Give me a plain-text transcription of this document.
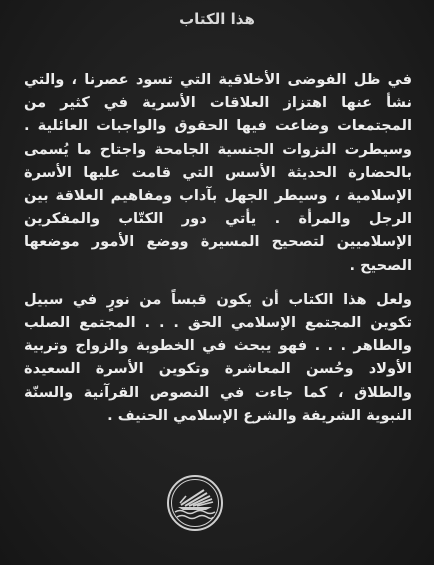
هذا الكتاب

في ظل الفوضى الأخلاقية التي تسود عصرنا ، والتي نشأ عنها اهتزاز العلاقات الأسرية في كثير من المجتمعات وضاعت فيها الحقوق والواجبات العائلية . وسيطرت النزوات الجنسية الجامحة واجتاح ما يُسمى بالحضارة الحديثة الأسس التي قامت عليها الأسرة الإسلامية ، وسيطر الجهل بآداب ومفاهيم العلاقة بين الرجل والمرأة . يأتي دور الكتّاب والمفكرين الإسلاميين لتصحيح المسيرة ووضع الأمور موضعها الصحيح .

ولعل هذا الكتاب أن يكون قبساً من نورٍ في سبيل تكوين المجتمع الإسلامي الحق . . . المجتمع الصلب والطاهر . . . فهو يبحث في الخطوبة والزواج وتربية الأولاد وحُسن المعاشرة وتكوين الأسرة السعيدة والطلاق ، كما جاءت في النصوص القرآنية والسنّة النبوية الشريفة والشرع الإسلامي الحنيف .
